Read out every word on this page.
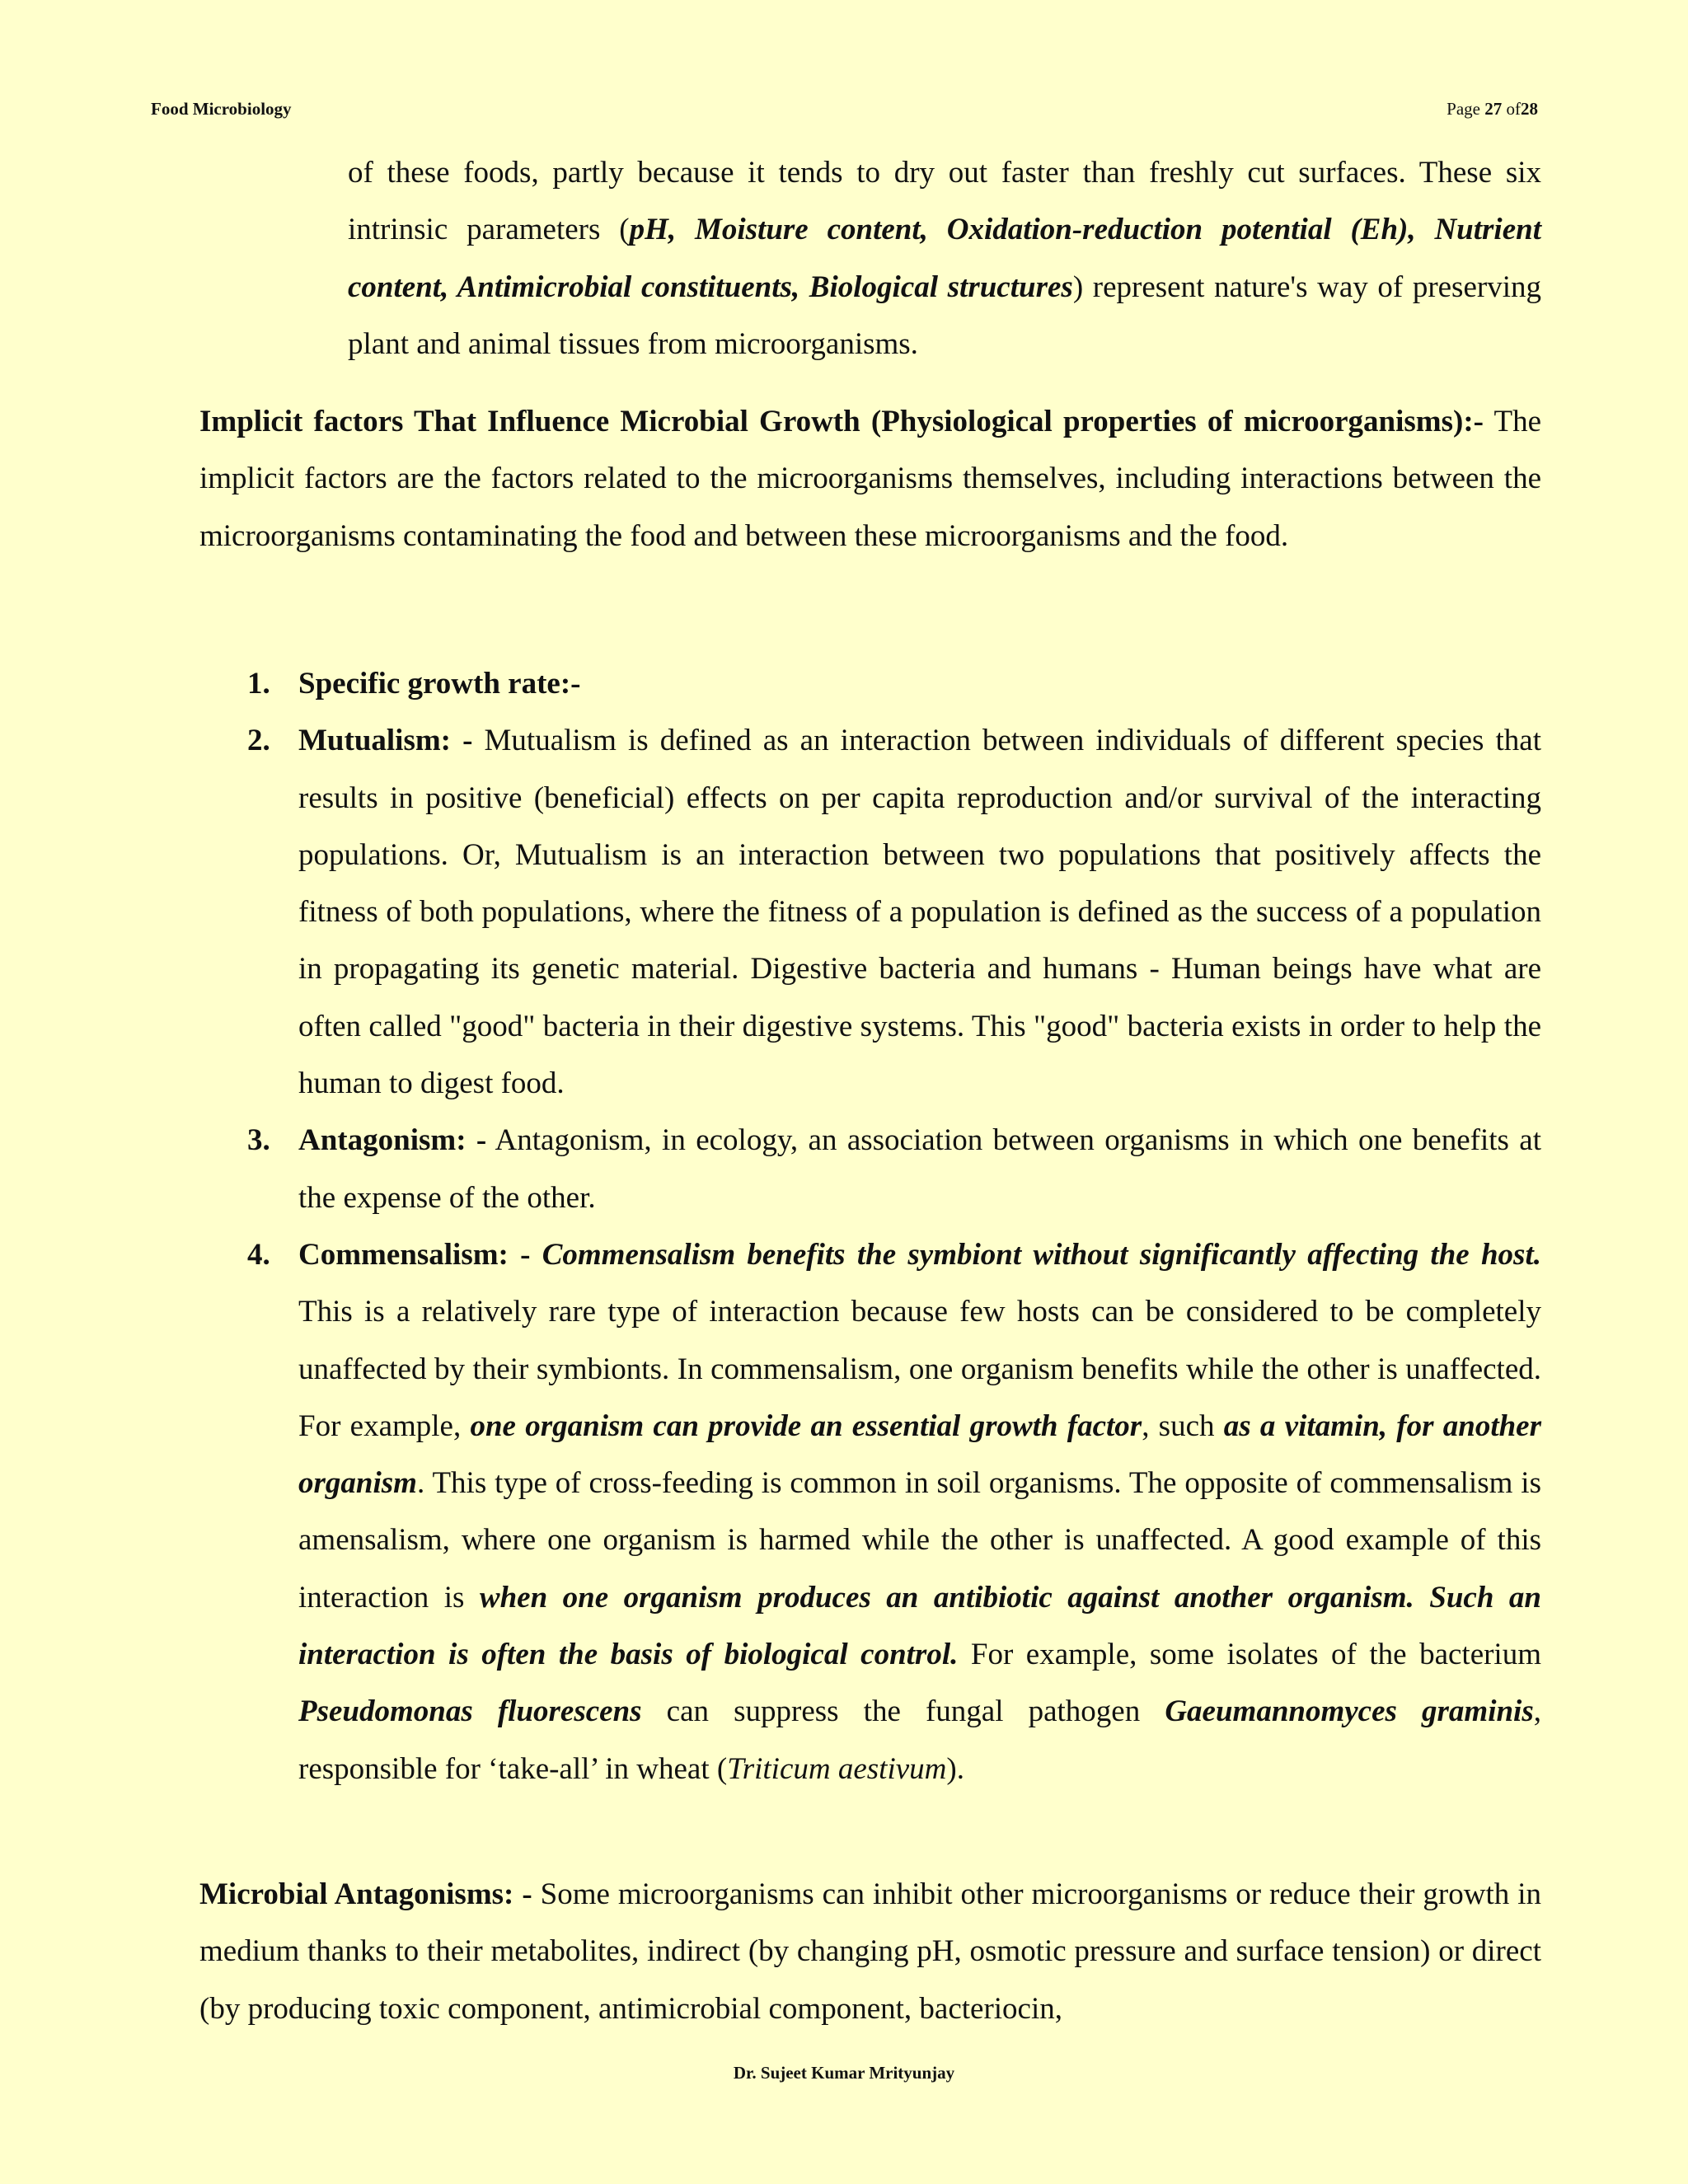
Food Microbiology	Page 27 of28

of these foods, partly because it tends to dry out faster than freshly cut surfaces. These six intrinsic parameters (pH, Moisture content, Oxidation-reduction potential (Eh), Nutrient content, Antimicrobial constituents, Biological structures) represent nature's way of preserving plant and animal tissues from microorganisms.

Implicit factors That Influence Microbial Growth (Physiological properties of microorganisms):- The implicit factors are the factors related to the microorganisms themselves, including interactions between the microorganisms contaminating the food and between these microorganisms and the food.

1. Specific growth rate:-
2. Mutualism: - Mutualism is defined as an interaction between individuals of different species that results in positive (beneficial) effects on per capita reproduction and/or survival of the interacting populations. Or, Mutualism is an interaction between two populations that positively affects the fitness of both populations, where the fitness of a population is defined as the success of a population in propagating its genetic material. Digestive bacteria and humans - Human beings have what are often called "good" bacteria in their digestive systems. This "good" bacteria exists in order to help the human to digest food.
3. Antagonism: - Antagonism, in ecology, an association between organisms in which one benefits at the expense of the other.
4. Commensalism: - Commensalism benefits the symbiont without significantly affecting the host. This is a relatively rare type of interaction because few hosts can be considered to be completely unaffected by their symbionts. In commensalism, one organism benefits while the other is unaffected. For example, one organism can provide an essential growth factor, such as a vitamin, for another organism. This type of cross-feeding is common in soil organisms. The opposite of commensalism is amensalism, where one organism is harmed while the other is unaffected. A good example of this interaction is when one organism produces an antibiotic against another organism. Such an interaction is often the basis of biological control. For example, some isolates of the bacterium Pseudomonas fluorescens can suppress the fungal pathogen Gaeumannomyces graminis, responsible for ‘take-all’ in wheat (Triticum aestivum).

Microbial Antagonisms: - Some microorganisms can inhibit other microorganisms or reduce their growth in medium thanks to their metabolites, indirect (by changing pH, osmotic pressure and surface tension) or direct (by producing toxic component, antimicrobial component, bacteriocin,

Dr. Sujeet Kumar Mrityunjay
